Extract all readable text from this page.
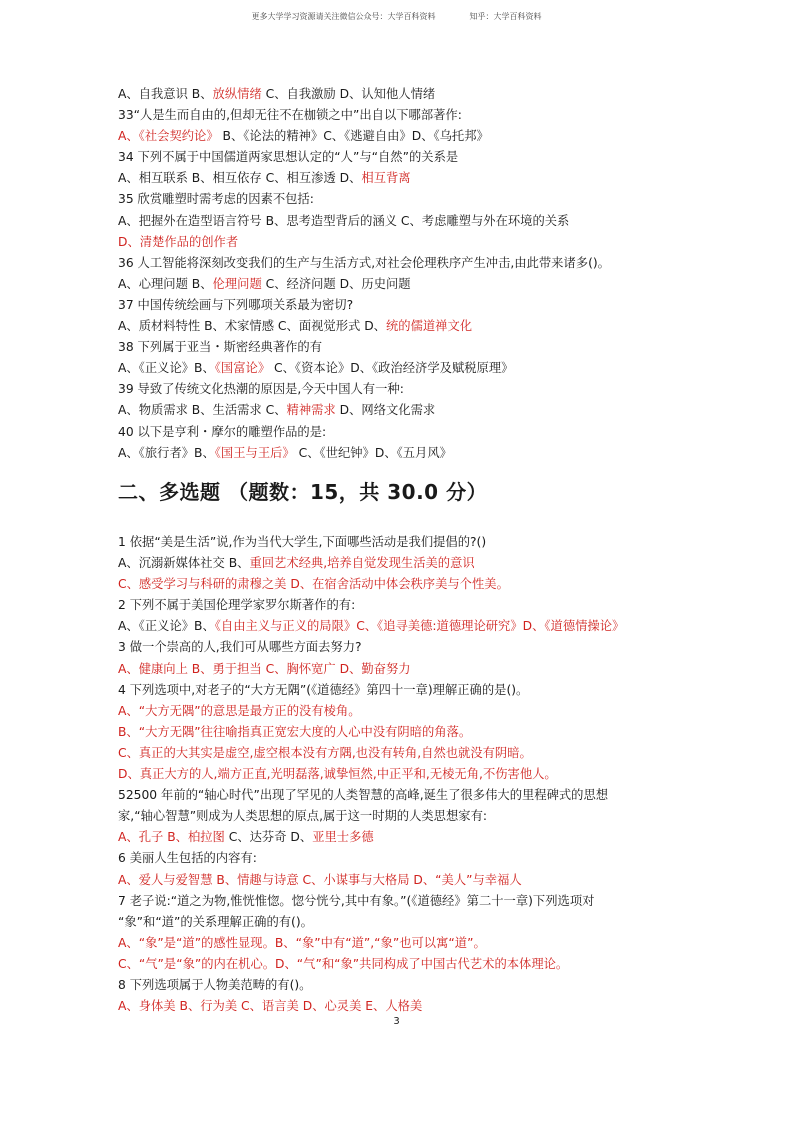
更多大学学习资源请关注微信公众号：大学百科资料	知乎：大学百科资料
A、自我意识 B、放纵情绪 C、自我激励 D、认知他人情绪
33“人是生而自由的,但却无往不在枷锁之中”出自以下哪部著作:
A、《社会契约论》 B、《论法的精神》C、《逃避自由》D、《乌托邦》
34 下列不属于中国儒道两家思想认定的“人”与“自然”的关系是
A、相互联系 B、相互依存 C、相互渗透 D、相互背离
35 欣赏雕塑时需考虑的因素不包括:
A、把握外在造型语言符号 B、思考造型背后的涵义 C、考虑雕塑与外在环境的关系
D、清楚作品的创作者
36 人工智能将深刻改变我们的生产与生活方式,对社会伦理秩序产生冲击,由此带来诸多()。
A、心理问题 B、伦理问题 C、经济问题 D、历史问题
37 中国传统绘画与下列哪项关系最为密切?
A、质材料特性 B、术家情感 C、面视觉形式 D、统的儒道禅文化
38 下列属于亚当・斯密经典著作的有
A、《正义论》B、《国富论》 C、《资本论》D、《政治经济学及赋税原理》
39 导致了传统文化热潮的原因是,今天中国人有一种:
A、物质需求 B、生活需求 C、精神需求 D、网络文化需求
40 以下是亨利・摩尔的雕塑作品的是:
A、《旅行者》B、《国王与王后》 C、《世纪钟》D、《五月风》
二、多选题 （题数：15，共 30.0 分）
1 依据“美是生活”说,作为当代大学生,下面哪些活动是我们提倡的?()
A、沉溺新媒体社交 B、重回艺术经典,培养自觉发现生活美的意识
C、感受学习与科研的肃穆之美 D、在宿舍活动中体会秩序美与个性美。
2 下列不属于美国伦理学家罗尔斯著作的有:
A、《正义论》B、《自由主义与正义的局限》C、《追寻美德:道德理论研究》D、《道德情操论》
3 做一个崇高的人,我们可从哪些方面去努力?
A、健康向上 B、勇于担当 C、胸怀宽广 D、勤奋努力
4 下列选项中,对老子的“大方无隅”(《道德经》第四十一章)理解正确的是()。
A、“大方无隅”的意思是最方正的没有棱角。
B、“大方无隅”往往喻指真正宽宏大度的人心中没有阴暗的角落。
C、真正的大其实是虚空,虚空根本没有方隅,也没有转角,自然也就没有阴暗。
D、真正大方的人,端方正直,光明磊落,诚挚恒然,中正平和,无棱无角,不伤害他人。
52500 年前的“轴心时代”出现了罕见的人类智慧的高峰,诞生了很多伟大的里程碑式的思想
家,“轴心智慧”则成为人类思想的原点,属于这一时期的人类思想家有:
A、孔子 B、柏拉图 C、达芬奇 D、亚里士多德
6 美丽人生包括的内容有:
A、爱人与爱智慧 B、情趣与诗意 C、小谋事与大格局 D、“美人”与幸福人
7 老子说:“道之为物,惟恍惟惚。惚兮恍兮,其中有象。”(《道德经》第二十一章)下列选项对
“象”和“道”的关系理解正确的有()。
A、“象”是“道”的感性显现。B、“象”中有“道”,“象”也可以寓“道”。
C、“气”是“象”的内在机心。D、“气”和“象”共同构成了中国古代艺术的本体理论。
8 下列选项属于人物美范畴的有()。
A、身体美 B、行为美 C、语言美 D、心灵美 E、人格美
3
